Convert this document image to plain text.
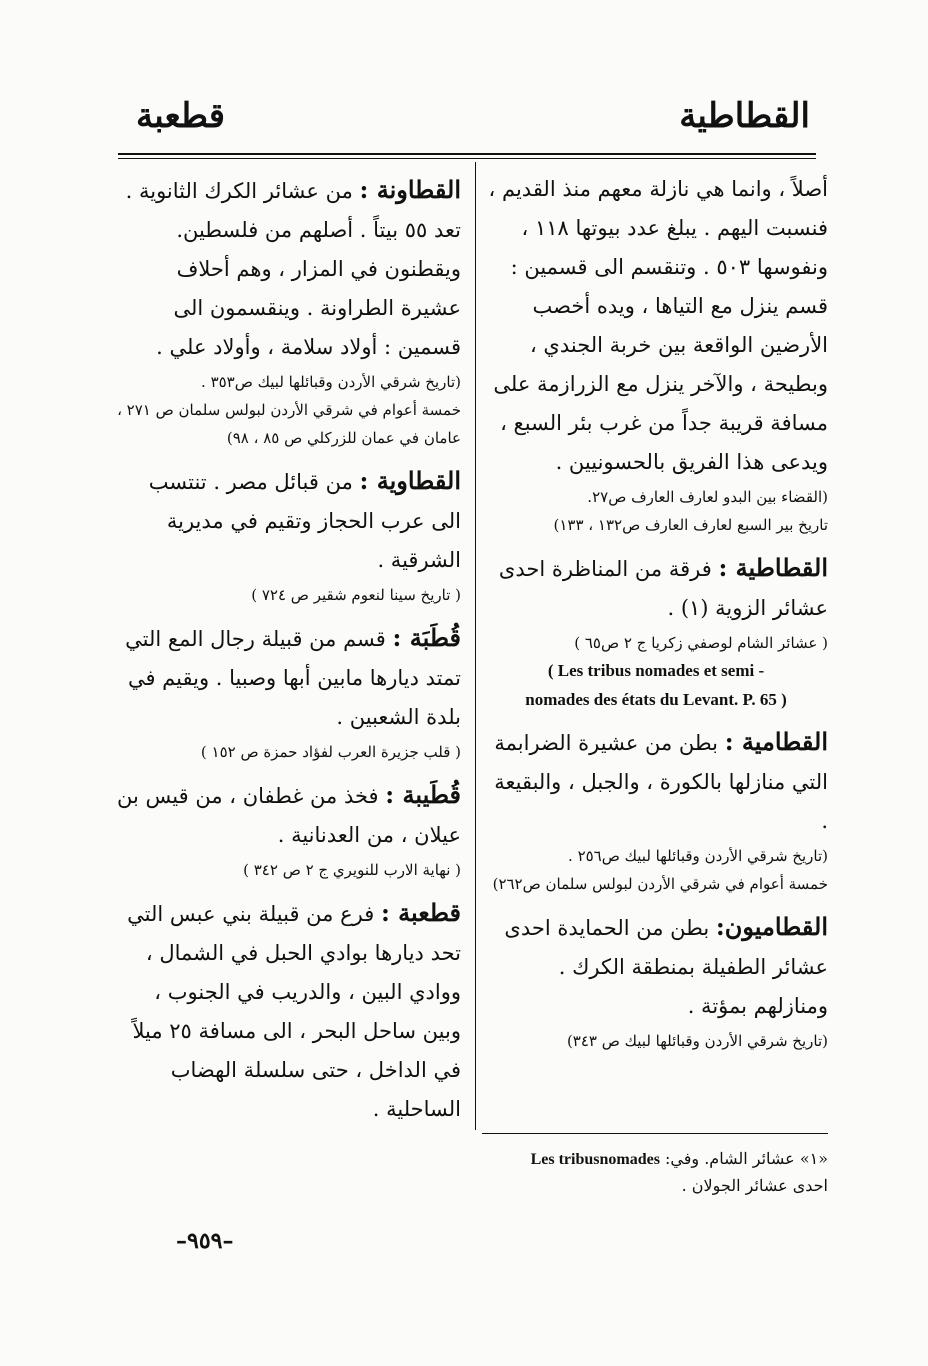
القطاطية
قطعبة

أصلاً ، وانما هي نازلة معهم منذ القديم ، فنسبت اليهم . يبلغ عدد بيوتها ١١٨ ، ونفوسها ٥٠٣ . وتنقسم الى قسمين : قسم ينزل مع التياها ، ويده أخصب الأرضين الواقعة بين خربة الجندي ، وبطيحة ، والآخر ينزل مع الزرازمة على مسافة قريبة جداً من غرب بئر السبع ، ويدعى هذا الفريق بالحسونيين .

(القضاء بين البدو لعارف العارف ص٢٧.
تاريخ بير السبع لعارف العارف ص١٣٢ ، ١٣٣)

القطاطية : فرقة من المناظرة احدى عشائر الزوية (١) .

( عشائر الشام لوصفي زكريا ج ٢ ص٦٥ )
( Les tribus nomades et semi -
nomades des états du Levant. P. 65 )

القطامية : بطن من عشيرة الضرابمة التي منازلها بالكورة ، والجبل ، والبقيعة .

(تاريخ شرقي الأردن وقبائلها لبيك ص٢٥٦ .
خمسة أعوام في شرقي الأردن لبولس سلمان ص٢٦٢)

القطاميون: بطن من الحمايدة احدى عشائر الطفيلة بمنطقة الكرك . ومنازلهم بمؤتة .

(تاريخ شرقي الأردن وقبائلها لبيك ص ٣٤٣)

القطاونة : من عشائر الكرك الثانوية . تعد ٥٥ بيتاً . أصلهم من فلسطين. ويقطنون في المزار ، وهم أحلاف عشيرة الطراونة . وينقسمون الى قسمين : أولاد سلامة ، وأولاد علي .

(تاريخ شرقي الأردن وقبائلها لبيك ص٣٥٣ .
خمسة أعوام في شرقي الأردن لبولس سلمان ص ٢٧١ ،
عامان في عمان للزركلي ص ٨٥ ، ٩٨)

القطاوية : من قبائل مصر . تنتسب الى عرب الحجاز وتقيم في مديرية الشرقية .

( تاريخ سينا لنعوم شقير ص ٧٢٤ )

قُطَبَة : قسم من قبيلة رجال المع التي تمتد ديارها مابين أبها وصبيا . ويقيم في بلدة الشعبين .

( قلب جزيرة العرب لفؤاد حمزة ص ١٥٢ )

قُطَيبة : فخذ من غطفان ، من قيس بن عيلان ، من العدنانية .

( نهاية الارب للنويري ج ٢ ص ٣٤٢ )

قطعبة : فرع من قبيلة بني عبس التي تحد ديارها بوادي الحبل في الشمال ، ووادي البين ، والدريب في الجنوب ، وبين ساحل البحر ، الى مسافة ٢٥ ميلاً في الداخل ، حتى سلسلة الهضاب الساحلية .

«١» عشائر الشام. وفي: Les tribusnomades
احدى عشائر الجولان .
–٩٥٩–
